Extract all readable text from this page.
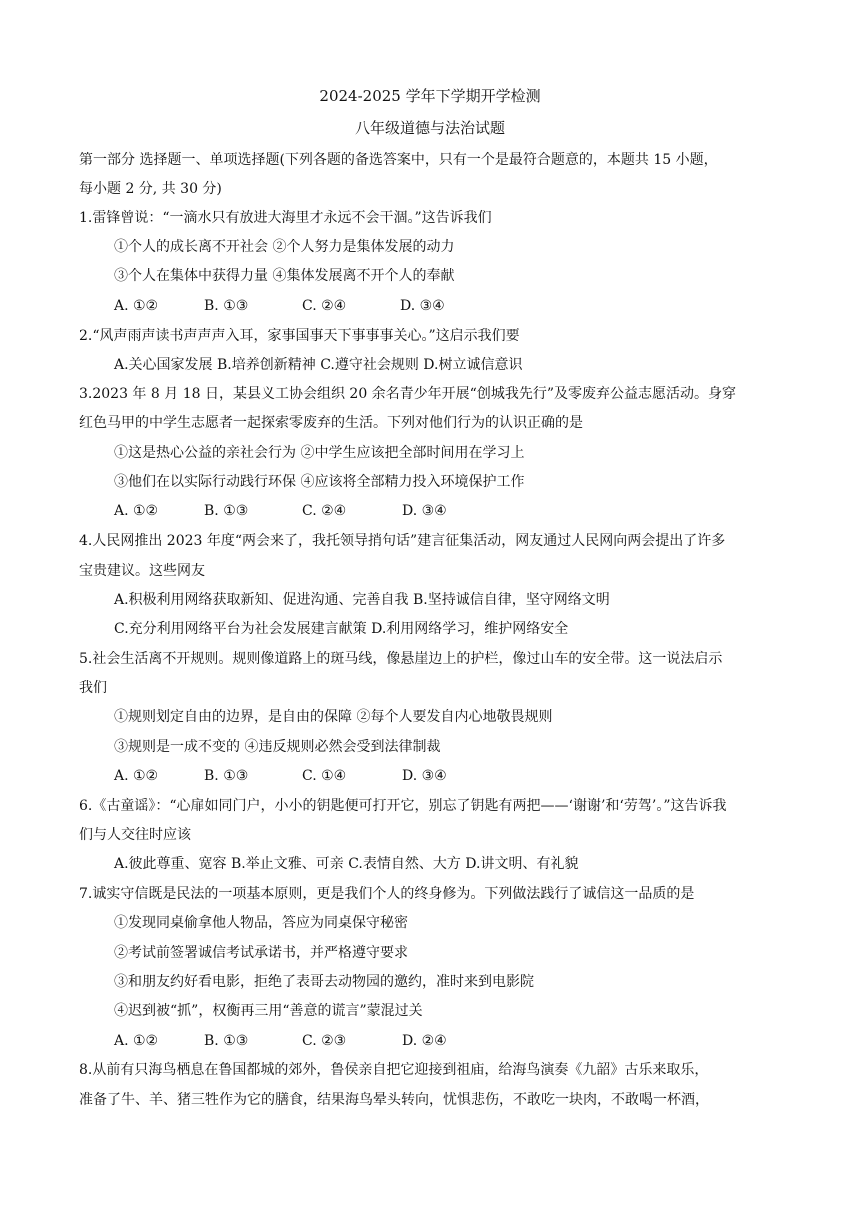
2024-2025 学年下学期开学检测
八年级道德与法治试题
第一部分 选择题一、单项选择题(下列各题的备选答案中，只有一个是最符合题意的，本题共 15 小题，
每小题 2 分, 共 30 分)
1.雷锋曾说：“一滴水只有放进大海里才永远不会干涸。”这告诉我们
①个人的成长离不开社会 ②个人努力是集体发展的动力
③个人在集体中获得力量 ④集体发展离不开个人的奉献
A. ①②	B. ①③	C. ②④	D. ③④
2.“风声雨声读书声声声入耳，家事国事天下事事事关心。”这启示我们要
A.关心国家发展 B.培养创新精神 C.遵守社会规则 D.树立诚信意识
3.2023 年 8 月 18 日，某县义工协会组织 20 余名青少年开展“创城我先行”及零废弃公益志愿活动。身穿
红色马甲的中学生志愿者一起探索零废弃的生活。下列对他们行为的认识正确的是
①这是热心公益的亲社会行为 ②中学生应该把全部时间用在学习上
③他们在以实际行动践行环保 ④应该将全部精力投入环境保护工作
A. ①②	B. ①③	C. ②④	D. ③④
4.人民网推出 2023 年度“两会来了，我托领导捎句话”建言征集活动，网友通过人民网向两会提出了许多
宝贵建议。这些网友
A.积极利用网络获取新知、促进沟通、完善自我 B.坚持诚信自律，坚守网络文明
C.充分利用网络平台为社会发展建言献策 D.利用网络学习，维护网络安全
5.社会生活离不开规则。规则像道路上的斑马线，像悬崖边上的护栏，像过山车的安全带。这一说法启示
我们
①规则划定自由的边界，是自由的保障 ②每个人要发自内心地敬畏规则
③规则是一成不变的 ④违反规则必然会受到法律制裁
A. ①②	B. ①③	C. ①④	D. ③④
6.《古童谣》：“心扉如同门户，小小的钥匙便可打开它，别忘了钥匙有两把——‘谢谢’和‘劳驾’。”这告诉我
们与人交往时应该
A.彼此尊重、宽容 B.举止文雅、可亲 C.表情自然、大方 D.讲文明、有礼貌
7.诚实守信既是民法的一项基本原则，更是我们个人的终身修为。下列做法践行了诚信这一品质的是
①发现同桌偷拿他人物品，答应为同桌保守秘密
②考试前签署诚信考试承诺书，并严格遵守要求
③和朋友约好看电影，拒绝了表哥去动物园的邀约，准时来到电影院
④迟到被“抓”，权衡再三用“善意的谎言”蒙混过关
A. ①②	B. ①③	C. ②③	D. ②④
8.从前有只海鸟栖息在鲁国都城的郊外，鲁侯亲自把它迎接到祖庙，给海鸟演奏《九韶》古乐来取乐，
准备了牛、羊、猪三牲作为它的膳食，结果海鸟晕头转向，忧惧悲伤，不敢吃一块肉，不敢喝一杯酒，
